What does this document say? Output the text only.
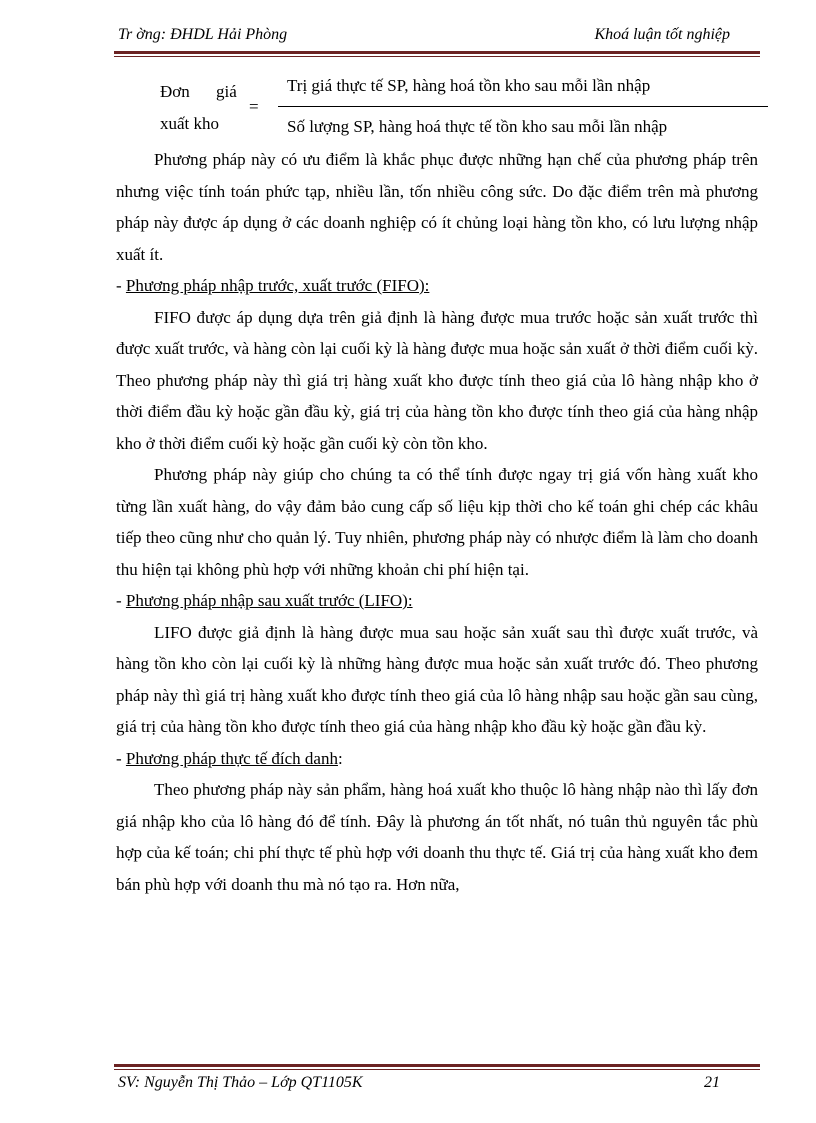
Tr ờng: ĐHDL Hải Phòng	Khoá luận tốt nghiệp
Đơn giá
xuất kho
=
Trị giá thực tế SP, hàng hoá tồn kho sau mỗi lần nhập
Số lượng SP, hàng hoá thực tế tồn kho sau mỗi lần nhập

Phương pháp này có ưu điểm là khắc phục được những hạn chế của phương pháp trên nhưng việc tính toán phức tạp, nhiều lần, tốn nhiều công sức. Do đặc điểm trên mà phương pháp này được áp dụng ở các doanh nghiệp có ít chủng loại hàng tồn kho, có lưu lượng nhập xuất ít.

- Phương pháp nhập trước, xuất trước (FIFO):

FIFO được áp dụng dựa trên giả định là hàng được mua trước hoặc sản xuất trước thì được xuất trước, và hàng còn lại cuối kỳ là hàng được mua hoặc sản xuất ở thời điểm cuối kỳ. Theo phương pháp này thì giá trị hàng xuất kho được tính theo giá của lô hàng nhập kho ở thời điểm đầu kỳ hoặc gần đầu kỳ, giá trị của hàng tồn kho được tính theo giá của hàng nhập kho ở thời điểm cuối kỳ hoặc gần cuối kỳ còn tồn kho.

Phương pháp này giúp cho chúng ta có thể tính được ngay trị giá vốn hàng xuất kho từng lần xuất hàng, do vậy đảm bảo cung cấp số liệu kịp thời cho kế toán ghi chép các khâu tiếp theo cũng như cho quản lý. Tuy nhiên, phương pháp này có nhược điểm là làm cho doanh thu hiện tại không phù hợp với những khoản chi phí hiện tại.

- Phương pháp nhập sau xuất trước (LIFO):

LIFO được giả định là hàng được mua sau hoặc sản xuất sau thì được xuất trước, và hàng tồn kho còn lại cuối kỳ là những hàng được mua hoặc sản xuất trước đó. Theo phương pháp này thì giá trị hàng xuất kho được tính theo giá của lô hàng nhập sau hoặc gần sau cùng, giá trị của hàng tồn kho được tính theo giá của hàng nhập kho đầu kỳ hoặc gần đầu kỳ.

- Phương pháp thực tế đích danh:

Theo phương pháp này sản phẩm, hàng hoá xuất kho thuộc lô hàng nhập nào thì lấy đơn giá nhập kho của lô hàng đó để tính. Đây là phương án tốt nhất, nó tuân thủ nguyên tắc phù hợp của kế toán; chi phí thực tế phù hợp với doanh thu thực tế. Giá trị của hàng xuất kho đem bán phù hợp với doanh thu mà nó tạo ra. Hơn nữa,

SV: Nguyễn Thị Thảo – Lớp QT1105K	21
